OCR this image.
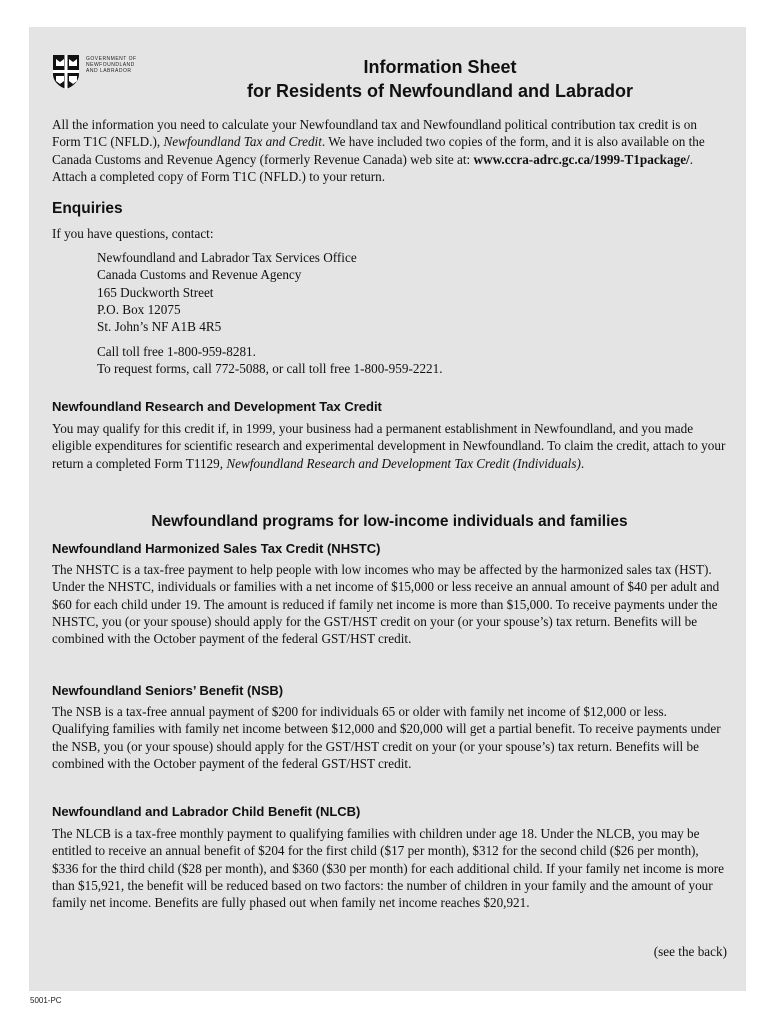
GOVERNMENT OF
NEWFOUNDLAND
AND LABRADOR	Information Sheet
for Residents of Newfoundland and Labrador
All the information you need to calculate your Newfoundland tax and Newfoundland political contribution tax credit is on Form T1C (NFLD.), Newfoundland Tax and Credit. We have included two copies of the form, and it is also available on the Canada Customs and Revenue Agency (formerly Revenue Canada) web site at: www.ccra-adrc.gc.ca/1999-T1package/. Attach a completed copy of Form T1C (NFLD.) to your return.
Enquiries
If you have questions, contact:
Newfoundland and Labrador Tax Services Office
Canada Customs and Revenue Agency
165 Duckworth Street
P.O. Box 12075
St. John’s NF A1B 4R5
Call toll free 1-800-959-8281.
To request forms, call 772-5088, or call toll free 1-800-959-2221.
Newfoundland Research and Development Tax Credit
You may qualify for this credit if, in 1999, your business had a permanent establishment in Newfoundland, and you made eligible expenditures for scientific research and experimental development in Newfoundland. To claim the credit, attach to your return a completed Form T1129, Newfoundland Research and Development Tax Credit (Individuals).
Newfoundland programs for low-income individuals and families
Newfoundland Harmonized Sales Tax Credit (NHSTC)
The NHSTC is a tax-free payment to help people with low incomes who may be affected by the harmonized sales tax (HST). Under the NHSTC, individuals or families with a net income of $15,000 or less receive an annual amount of $40 per adult and $60 for each child under 19. The amount is reduced if family net income is more than $15,000. To receive payments under the NHSTC, you (or your spouse) should apply for the GST/HST credit on your (or your spouse’s) tax return. Benefits will be combined with the October payment of the federal GST/HST credit.
Newfoundland Seniors’ Benefit (NSB)
The NSB is a tax-free annual payment of $200 for individuals 65 or older with family net income of $12,000 or less. Qualifying families with family net income between $12,000 and $20,000 will get a partial benefit. To receive payments under the NSB, you (or your spouse) should apply for the GST/HST credit on your (or your spouse’s) tax return. Benefits will be combined with the October payment of the federal GST/HST credit.
Newfoundland and Labrador Child Benefit (NLCB)
The NLCB is a tax-free monthly payment to qualifying families with children under age 18. Under the NLCB, you may be entitled to receive an annual benefit of $204 for the first child ($17 per month), $312 for the second child ($26 per month), $336 for the third child ($28 per month), and $360 ($30 per month) for each additional child. If your family net income is more than $15,921, the benefit will be reduced based on two factors: the number of children in your family and the amount of your family net income. Benefits are fully phased out when family net income reaches $20,921.
(see the back)
5001-PC
